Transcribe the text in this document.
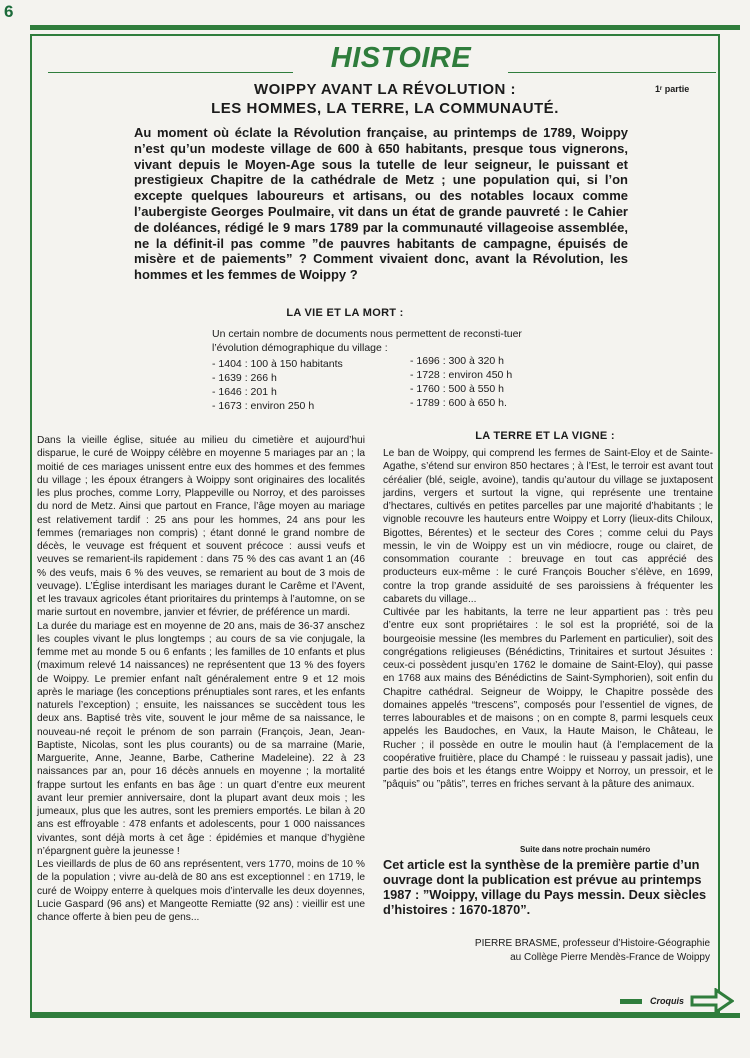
6
HISTOIRE
1ʳ partie
WOIPPY AVANT LA RÉVOLUTION :
LES HOMMES, LA TERRE, LA COMMUNAUTÉ.
Au moment où éclate la Révolution française, au printemps de 1789, Woippy n’est qu’un modeste village de 600 à 650 habitants, presque tous vignerons, vivant depuis le Moyen-Age sous la tutelle de leur seigneur, le puissant et prestigieux Chapitre de la cathédrale de Metz ; une population qui, si l’on excepte quelques laboureurs et artisans, ou des notables locaux comme l’aubergiste Georges Poulmaire, vit dans un état de grande pauvreté : le Cahier de doléances, rédigé le 9 mars 1789 par la communauté villageoise assemblée, ne la définit-il pas comme ”de pauvres habitants de campagne, épuisés de misère et de paiements” ? Comment vivaient donc, avant la Révolution, les hommes et les femmes de Woippy ?
LA VIE ET LA MORT :
Un certain nombre de documents nous permettent de reconsti-tuer l’évolution démographique du village :
- 1404 : 100 à 150 habitants
- 1639 : 266 h
- 1646 : 201 h
- 1673 : environ 250 h
- 1696 : 300 à 320 h
- 1728 : environ 450 h
- 1760 : 500 à 550 h
- 1789 : 600 à 650 h.

Dans la vieille église, située au milieu du cimetière et aujourd’hui disparue, le curé de Woippy célèbre en moyenne 5 mariages par an ; la moitié de ces mariages unissent entre eux des hommes et des femmes du village ; les époux étrangers à Woippy sont originaires des localités les plus proches, comme Lorry, Plappeville ou Norroy, et des paroisses du nord de Metz. Ainsi que partout en France, l’âge moyen au mariage est relativement tardif : 25 ans pour les hommes, 24 ans pour les femmes (remariages non compris) ; étant donné le grand nombre de décès, le veuvage est fréquent et souvent précoce : aussi veufs et veuves se remarient-ils rapidement : dans 75 % des cas avant 1 an (46 % des veufs, mais 6 % des veuves, se remarient au bout de 3 mois de veuvage). L’Église interdisant les mariages durant le Carême et l’Avent, et les travaux agricoles étant prioritaires du printemps à l’automne, on se marie surtout en novembre, janvier et février, de préférence un mardi.

La durée du mariage est en moyenne de 20 ans, mais de 36-37 anschez les couples vivant le plus longtemps ; au cours de sa vie conjugale, la femme met au monde 5 ou 6 enfants ; les familles de 10 enfants et plus (maximum relevé 14 naissances) ne représentent que 13 % des foyers de Woippy. Le premier enfant naît généralement entre 9 et 12 mois après le mariage (les conceptions prénuptiales sont rares, et les enfants naturels l’exception) ; ensuite, les naissances se succèdent tous les deux ans. Baptisé très vite, souvent le jour même de sa naissance, le nouveau-né reçoit le prénom de son parrain (François, Jean, Jean-Baptiste, Nicolas, sont les plus courants) ou de sa marraine (Marie, Marguerite, Anne, Jeanne, Barbe, Catherine Madeleine). 22 à 23 naissances par an, pour 16 décès annuels en moyenne ; la mortalité frappe surtout les enfants en bas âge : un quart d’entre eux meurent avant leur premier anniversaire, dont la plupart avant deux mois ; les jumeaux, plus que les autres, sont les premiers emportés. Le bilan à 20 ans est effroyable : 478 enfants et adolescents, pour 1 000 naissances vivantes, sont déjà morts à cet âge : épidémies et manque d’hygiène n’épargnent guère la jeunesse !

Les vieillards de plus de 60 ans représentent, vers 1770, moins de 10 % de la population ; vivre au-delà de 80 ans est exceptionnel : en 1719, le curé de Woippy enterre à quelques mois d’intervalle les deux doyennes, Lucie Gaspard (96 ans) et Mangeotte Remiatte (92 ans) : vieillir est une chance offerte à bien peu de gens...

LA TERRE ET LA VIGNE :

Le ban de Woippy, qui comprend les fermes de Saint-Eloy et de Sainte-Agathe, s’étend sur environ 850 hectares ; à l’Est, le terroir est avant tout céréalier (blé, seigle, avoine), tandis qu’autour du village se juxtaposent jardins, vergers et surtout la vigne, qui représente une trentaine d’hectares, cultivés en petites parcelles par une majorité d’habitants ; le vignoble recouvre les hauteurs entre Woippy et Lorry (lieux-dits Chiloux, Bigottes, Bérentes) et le secteur des Cores ; comme celui du Pays messin, le vin de Woippy est un vin médiocre, rouge ou clairet, de consommation courante : breuvage en tout cas apprécié des producteurs eux-même : le curé François Boucher s’élève, en 1699, contre la trop grande assiduité de ses paroissiens à fréquenter les cabarets du village...

Cultivée par les habitants, la terre ne leur appartient pas : très peu d’entre eux sont propriétaires : le sol est la propriété, soi de la bourgeoisie messine (les membres du Parlement en particulier), soit des congrégations religieuses (Bénédictins, Trinitaires et surtout Jésuites : ceux-ci possèdent jusqu’en 1762 le domaine de Saint-Eloy), qui passe en 1768 aux mains des Bénédictins de Saint-Symphorien), soit enfin du Chapitre cathédral. Seigneur de Woippy, le Chapitre possède des domaines appelés “trescens”, composés pour l’essentiel de vignes, de terres labourables et de maisons ; on en compte 8, parmi lesquels ceux appelés les Baudoches, en Vaux, la Haute Maison, le Château, le Rucher ; il possède en outre le moulin haut (à l’emplacement de la coopérative fruitière, place du Champé : le ruisseau y passait jadis), une partie des bois et les étangs entre Woippy et Norroy, un pressoir, et le ”pâquis” ou ”pâtis”, terres en friches servant à la pâture des animaux.

Suite dans notre prochain numéro
Cet article est la synthèse de la première partie d’un ouvrage dont la publication est prévue au printemps 1987 : ”Woippy, village du Pays messin. Deux siècles d’histoires : 1670-1870”.
PIERRE BRASME, professeur d’Histoire-Géographie
au Collège Pierre Mendès-France de Woippy
Croquis
